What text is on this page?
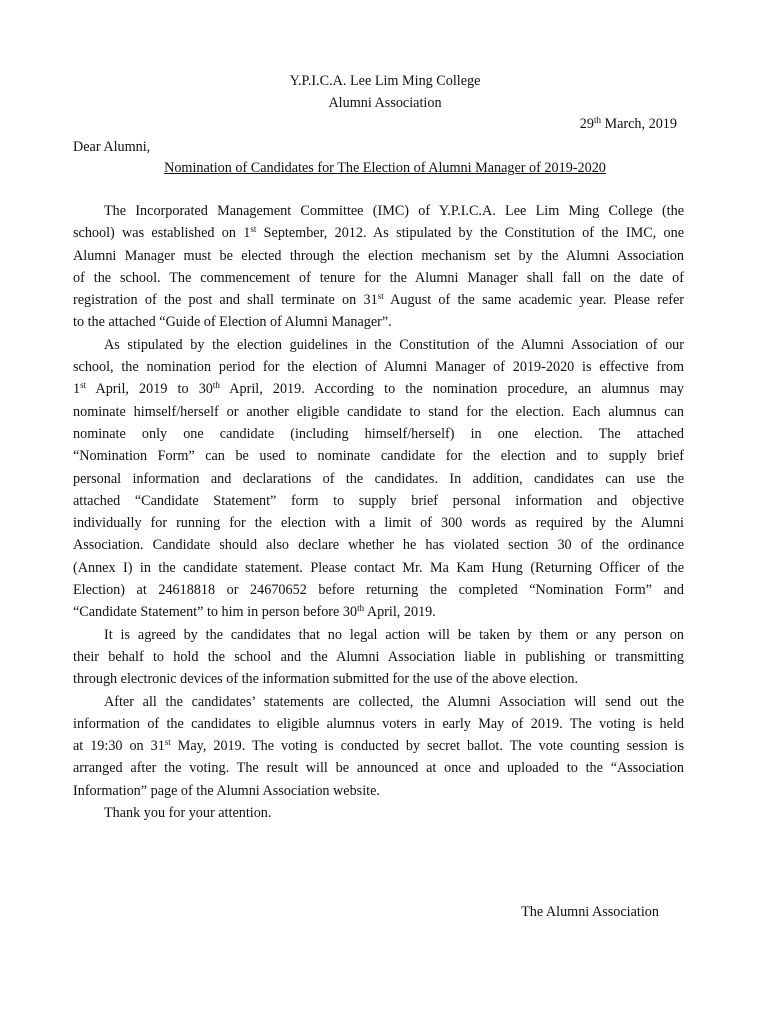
Y.P.I.C.A. Lee Lim Ming College
Alumni Association
29th March, 2019
Dear Alumni,
Nomination of Candidates for The Election of Alumni Manager of 2019-2020
The Incorporated Management Committee (IMC) of Y.P.I.C.A. Lee Lim Ming College (the
school) was established on 1st September, 2012. As stipulated by the Constitution of the IMC, one
Alumni Manager must be elected through the election mechanism set by the Alumni Association
of the school. The commencement of tenure for the Alumni Manager shall fall on the date of
registration of the post and shall terminate on 31st August of the same academic year. Please refer
to the attached “Guide of Election of Alumni Manager”.
As stipulated by the election guidelines in the Constitution of the Alumni Association of our
school, the nomination period for the election of Alumni Manager of 2019-2020 is effective from
1st April, 2019 to 30th April, 2019. According to the nomination procedure, an alumnus may
nominate himself/herself or another eligible candidate to stand for the election. Each alumnus can
nominate only one candidate (including himself/herself) in one election. The attached
“Nomination Form” can be used to nominate candidate for the election and to supply brief
personal information and declarations of the candidates. In addition, candidates can use the
attached “Candidate Statement” form to supply brief personal information and objective
individually for running for the election with a limit of 300 words as required by the Alumni
Association. Candidate should also declare whether he has violated section 30 of the ordinance
(Annex I) in the candidate statement. Please contact Mr. Ma Kam Hung (Returning Officer of the
Election) at 24618818 or 24670652 before returning the completed “Nomination Form” and
“Candidate Statement” to him in person before 30th April, 2019.
It is agreed by the candidates that no legal action will be taken by them or any person on
their behalf to hold the school and the Alumni Association liable in publishing or transmitting
through electronic devices of the information submitted for the use of the above election.
After all the candidates’ statements are collected, the Alumni Association will send out the
information of the candidates to eligible alumnus voters in early May of 2019. The voting is held
at 19:30 on 31st May, 2019. The voting is conducted by secret ballot. The vote counting session is
arranged after the voting. The result will be announced at once and uploaded to the “Association
Information” page of the Alumni Association website.
Thank you for your attention.
The Alumni Association
